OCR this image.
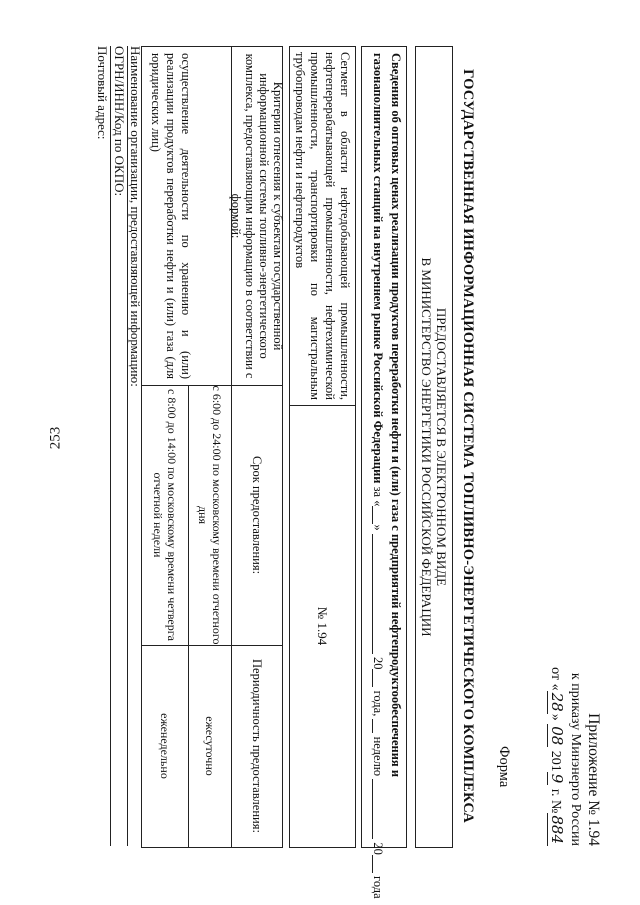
253
Приложение № 1.94
к приказу Минэнерго России
от «28» 08 2019 г. №884
Форма
ГОСУДАРСТВЕННАЯ ИНФОРМАЦИОННАЯ СИСТЕМА ТОПЛИВНО-ЭНЕРГЕТИЧЕСКОГО КОМПЛЕКСА
ПРЕДОСТАВЛЯЕТСЯ В ЭЛЕКТРОННОМ ВИДЕ
В МИНИСТЕРСТВО ЭНЕРГЕТИКИ РОССИЙСКОЙ ФЕДЕРАЦИИ
Сведения об оптовых ценах реализации продуктов переработки нефти и (или) газа с предприятий нефтепродуктообеспечения и
газонаполнительных станций на внутреннем рынке Российской Федерации за «»  20 года,  неделю  20 года

Сегмент в области нефтедобывающей промышленности, нефтеперерабатывающей промышленности, нефтехимической промышленности, транспортировки по магистральным трубопроводам нефти и нефтепродуктов

№ 1.94
Критерии отнесения к субъектам государственной информационной системы топливно-энергетического комплекса, предоставляющим информацию в соответствии с формой:
осуществление деятельности по хранению и (или) реализации продуктов переработки нефти и (или) газа (для юридических лиц)
Срок предоставления:
с 6:00 до 24:00 по московскому времени отчетного дня
с 8:00 до 14:00 по московскому времени четверга отчетной недели
Периодичность предоставления:
ежесуточно
еженедельно
Наименование организации, предоставляющей информацию:
ОГРН/ИНН/Код по ОКПО:
Почтовый адрес:
